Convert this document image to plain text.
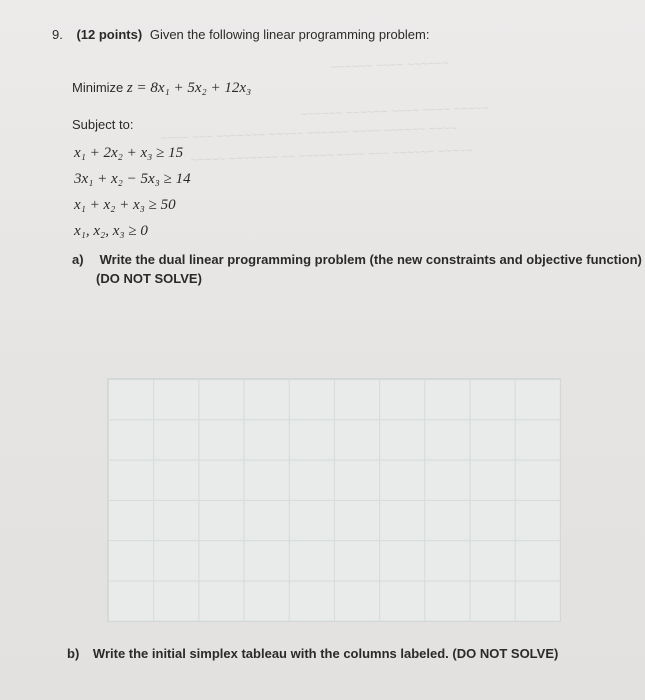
~~~~~~ ~~~~ ~~~~~~
~~~~~~ ~~~~~~ ~~~~ ~~~~ ~~~~~
~~~~ ~~~ ~~~~~~~ ~~~~~ ~~~~~~ ~~~~ ~~~~~~ ~~~~
~~~~~ ~~~~~~~ ~~ ~~~~~ ~~~~ ~~~ ~~~~~~ ~~~~~
9. (12 points) Given the following linear programming problem:
Minimize z = 8x₁ + 5x₂ + 12x₃
Subject to:
x₁ + 2x₂ + x₃ ≥ 15
3x₁ + x₂ − 5x₃ ≥ 14
x₁ + x₂ + x₃ ≥ 50
x₁, x₂, x₃ ≥ 0
a) Write the dual linear programming problem (the new constraints and objective function)
(DO NOT SOLVE)
b) Write the initial simplex tableau with the columns labeled. (DO NOT SOLVE)
